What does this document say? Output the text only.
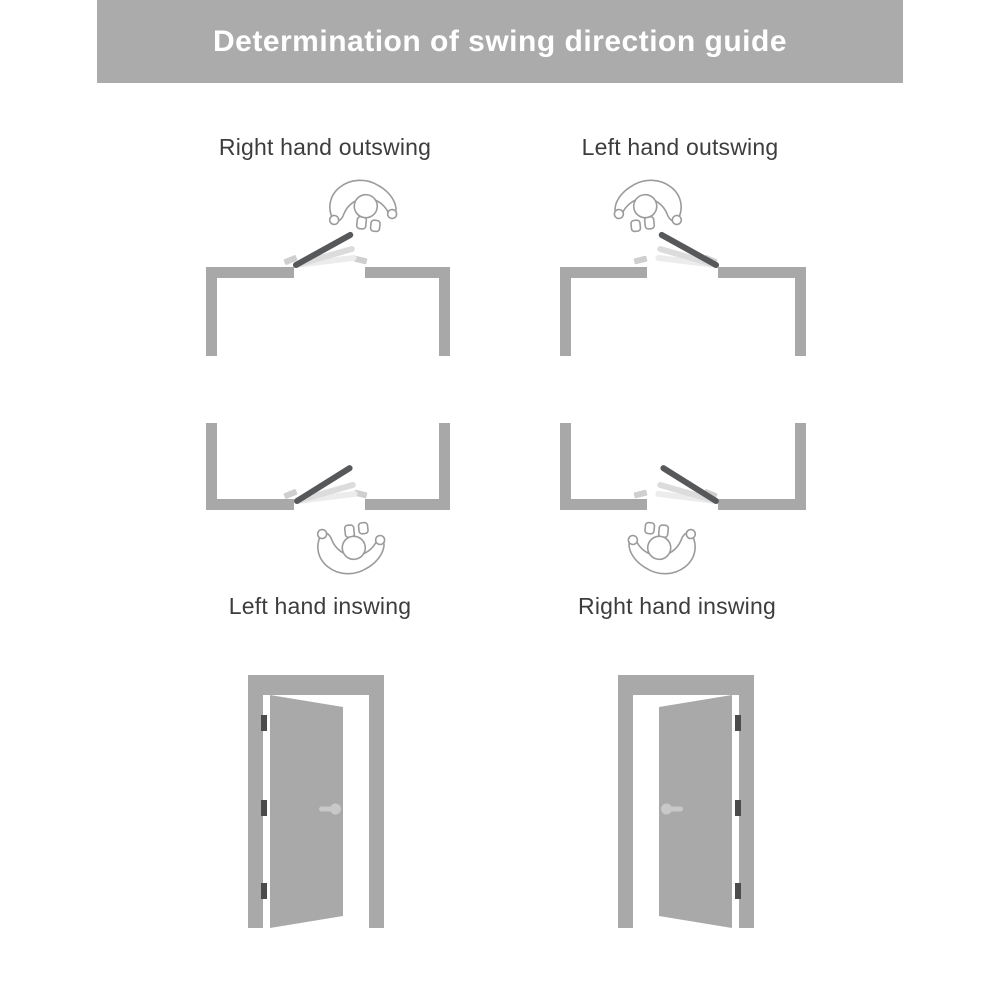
Determination of swing direction guide
Right hand outswing	Left hand outswing
Left hand inswing	Right hand inswing
